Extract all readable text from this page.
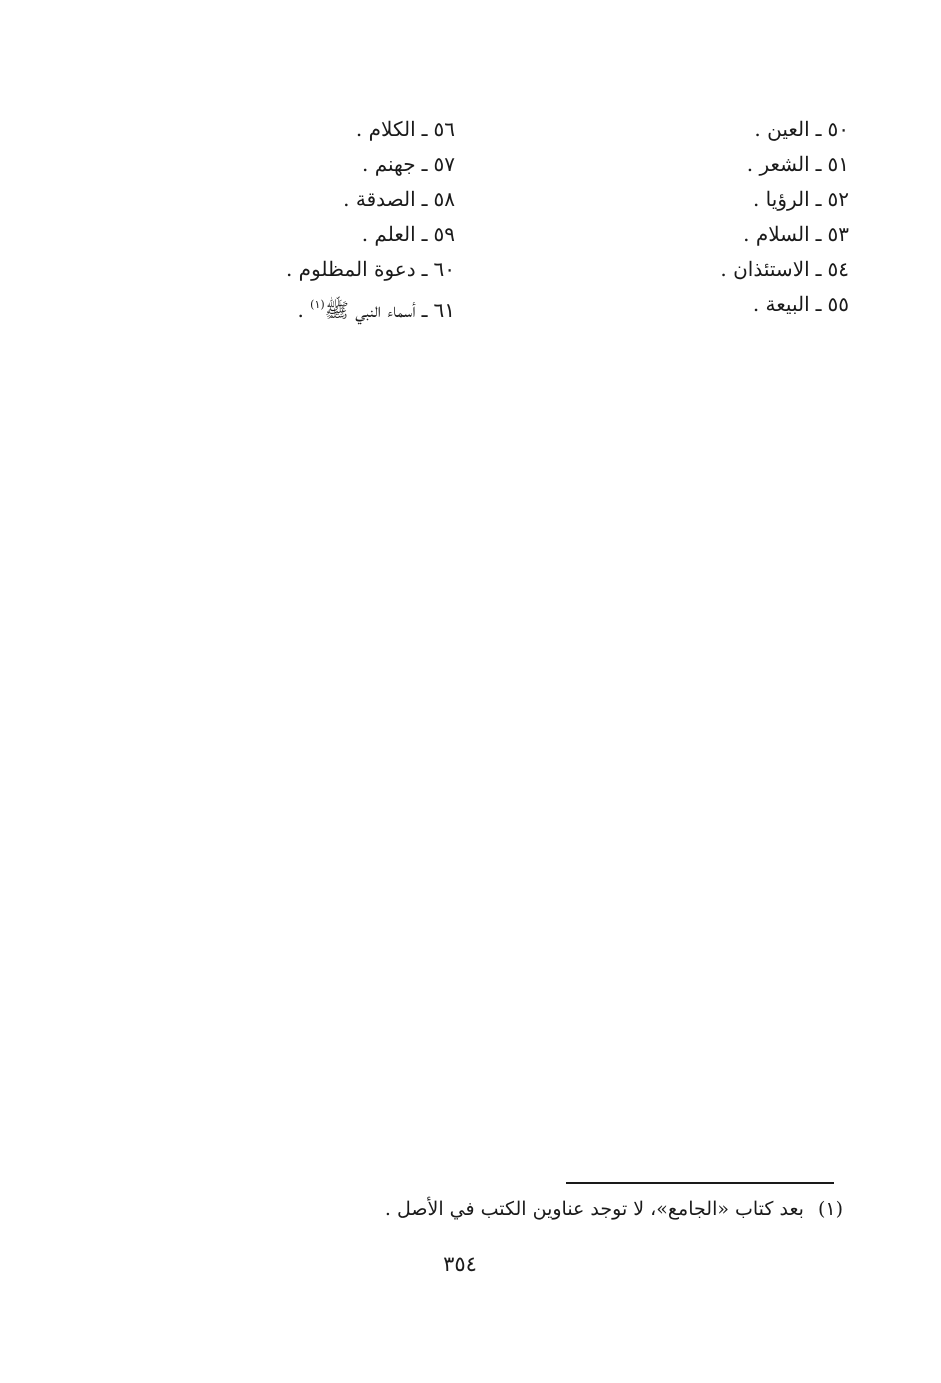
٥٠ـالعين .
٥١ـالشعر .
٥٢ـالرؤيا .
٥٣ـالسلام .
٥٤ـالاستئذان .
٥٥ـالبيعة .
٥٦ـالكلام .
٥٧ـجهنم .
٥٨ـالصدقة .
٥٩ـالعلم .
٦٠ـدعوة المظلوم .
٦١ـأسماء النبي ﷺ$^{(١)}$ .
(١)بعد كتاب «الجامع»، لا توجد عناوين الكتب في الأصل .
٣٥٤
